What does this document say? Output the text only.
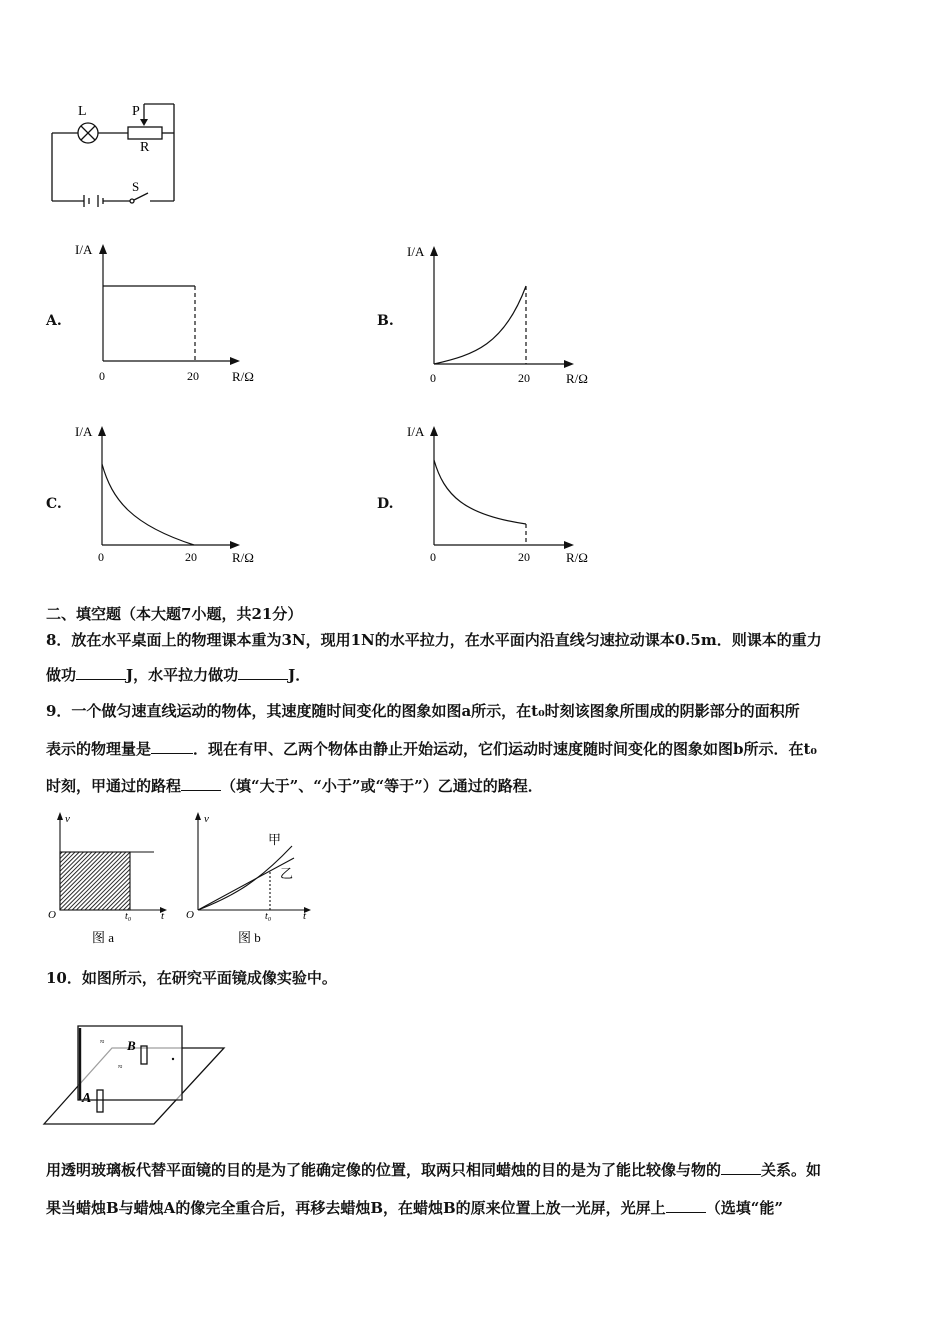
L	P
R
S
A.
I/A
R/Ω
0	20
B.
I/A
R/Ω
0	20
C.
I/A
R/Ω
0	20
D.
I/A
R/Ω
0	20
二、填空题（本大题7小题，共21分）
8．放在水平桌面上的物理课本重为3N，现用1N的水平拉力，在水平面内沿直线匀速拉动课本0.5m．则课本的重力
做功	J，水平拉力做功	J．
9．一个做匀速直线运动的物体，其速度随时间变化的图象如图a所示，在t₀时刻该图象所围成的阴影部分的面积所
表示的物理量是	．现在有甲、乙两个物体由静止开始运动，它们运动时速度随时间变化的图象如图b所示．在t₀
时刻，甲通过的路程	（填“大于”、“小于”或“等于”）乙通过的路程．
v
O	t₀	t
图 a
v
O	t₀	t
甲
乙
图 b
10．如图所示，在研究平面镜成像实验中。
≈
≈
B
A
用透明玻璃板代替平面镜的目的是为了能确定像的位置，取两只相同蜡烛的目的是为了能比较像与物的	关系。如
果当蜡烛B与蜡烛A的像完全重合后，再移去蜡烛B，在蜡烛B的原来位置上放一光屏，光屏上	（选填“能”
